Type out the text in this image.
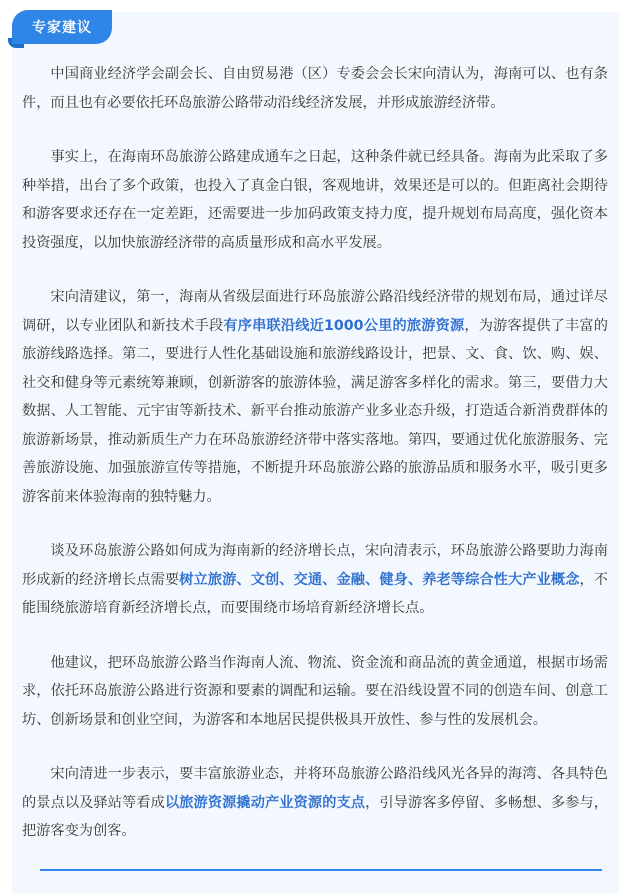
专家建议

中国商业经济学会副会长、自由贸易港（区）专委会会长宋向清认为，海南可以、也有条件，而且也有必要依托环岛旅游公路带动沿线经济发展，并形成旅游经济带。

事实上，在海南环岛旅游公路建成通车之日起，这种条件就已经具备。海南为此采取了多种举措，出台了多个政策，也投入了真金白银，客观地讲，效果还是可以的。但距离社会期待和游客要求还存在一定差距，还需要进一步加码政策支持力度，提升规划布局高度，强化资本投资强度，以加快旅游经济带的高质量形成和高水平发展。

宋向清建议，第一，海南从省级层面进行环岛旅游公路沿线经济带的规划布局，通过详尽调研，以专业团队和新技术手段有序串联沿线近1000公里的旅游资源，为游客提供了丰富的旅游线路选择。第二，要进行人性化基础设施和旅游线路设计，把景、文、食、饮、购、娱、社交和健身等元素统筹兼顾，创新游客的旅游体验，满足游客多样化的需求。第三，要借力大数据、人工智能、元宇宙等新技术、新平台推动旅游产业多业态升级，打造适合新消费群体的旅游新场景，推动新质生产力在环岛旅游经济带中落实落地。第四，要通过优化旅游服务、完善旅游设施、加强旅游宣传等措施，不断提升环岛旅游公路的旅游品质和服务水平，吸引更多游客前来体验海南的独特魅力。

谈及环岛旅游公路如何成为海南新的经济增长点，宋向清表示，环岛旅游公路要助力海南形成新的经济增长点需要树立旅游、文创、交通、金融、健身、养老等综合性大产业概念，不能围绕旅游培育新经济增长点，而要围绕市场培育新经济增长点。

他建议，把环岛旅游公路当作海南人流、物流、资金流和商品流的黄金通道，根据市场需求，依托环岛旅游公路进行资源和要素的调配和运输。要在沿线设置不同的创造车间、创意工坊、创新场景和创业空间，为游客和本地居民提供极具开放性、参与性的发展机会。

宋向清进一步表示，要丰富旅游业态，并将环岛旅游公路沿线风光各异的海湾、各具特色的景点以及驿站等看成以旅游资源撬动产业资源的支点，引导游客多停留、多畅想、多参与，把游客变为创客。
